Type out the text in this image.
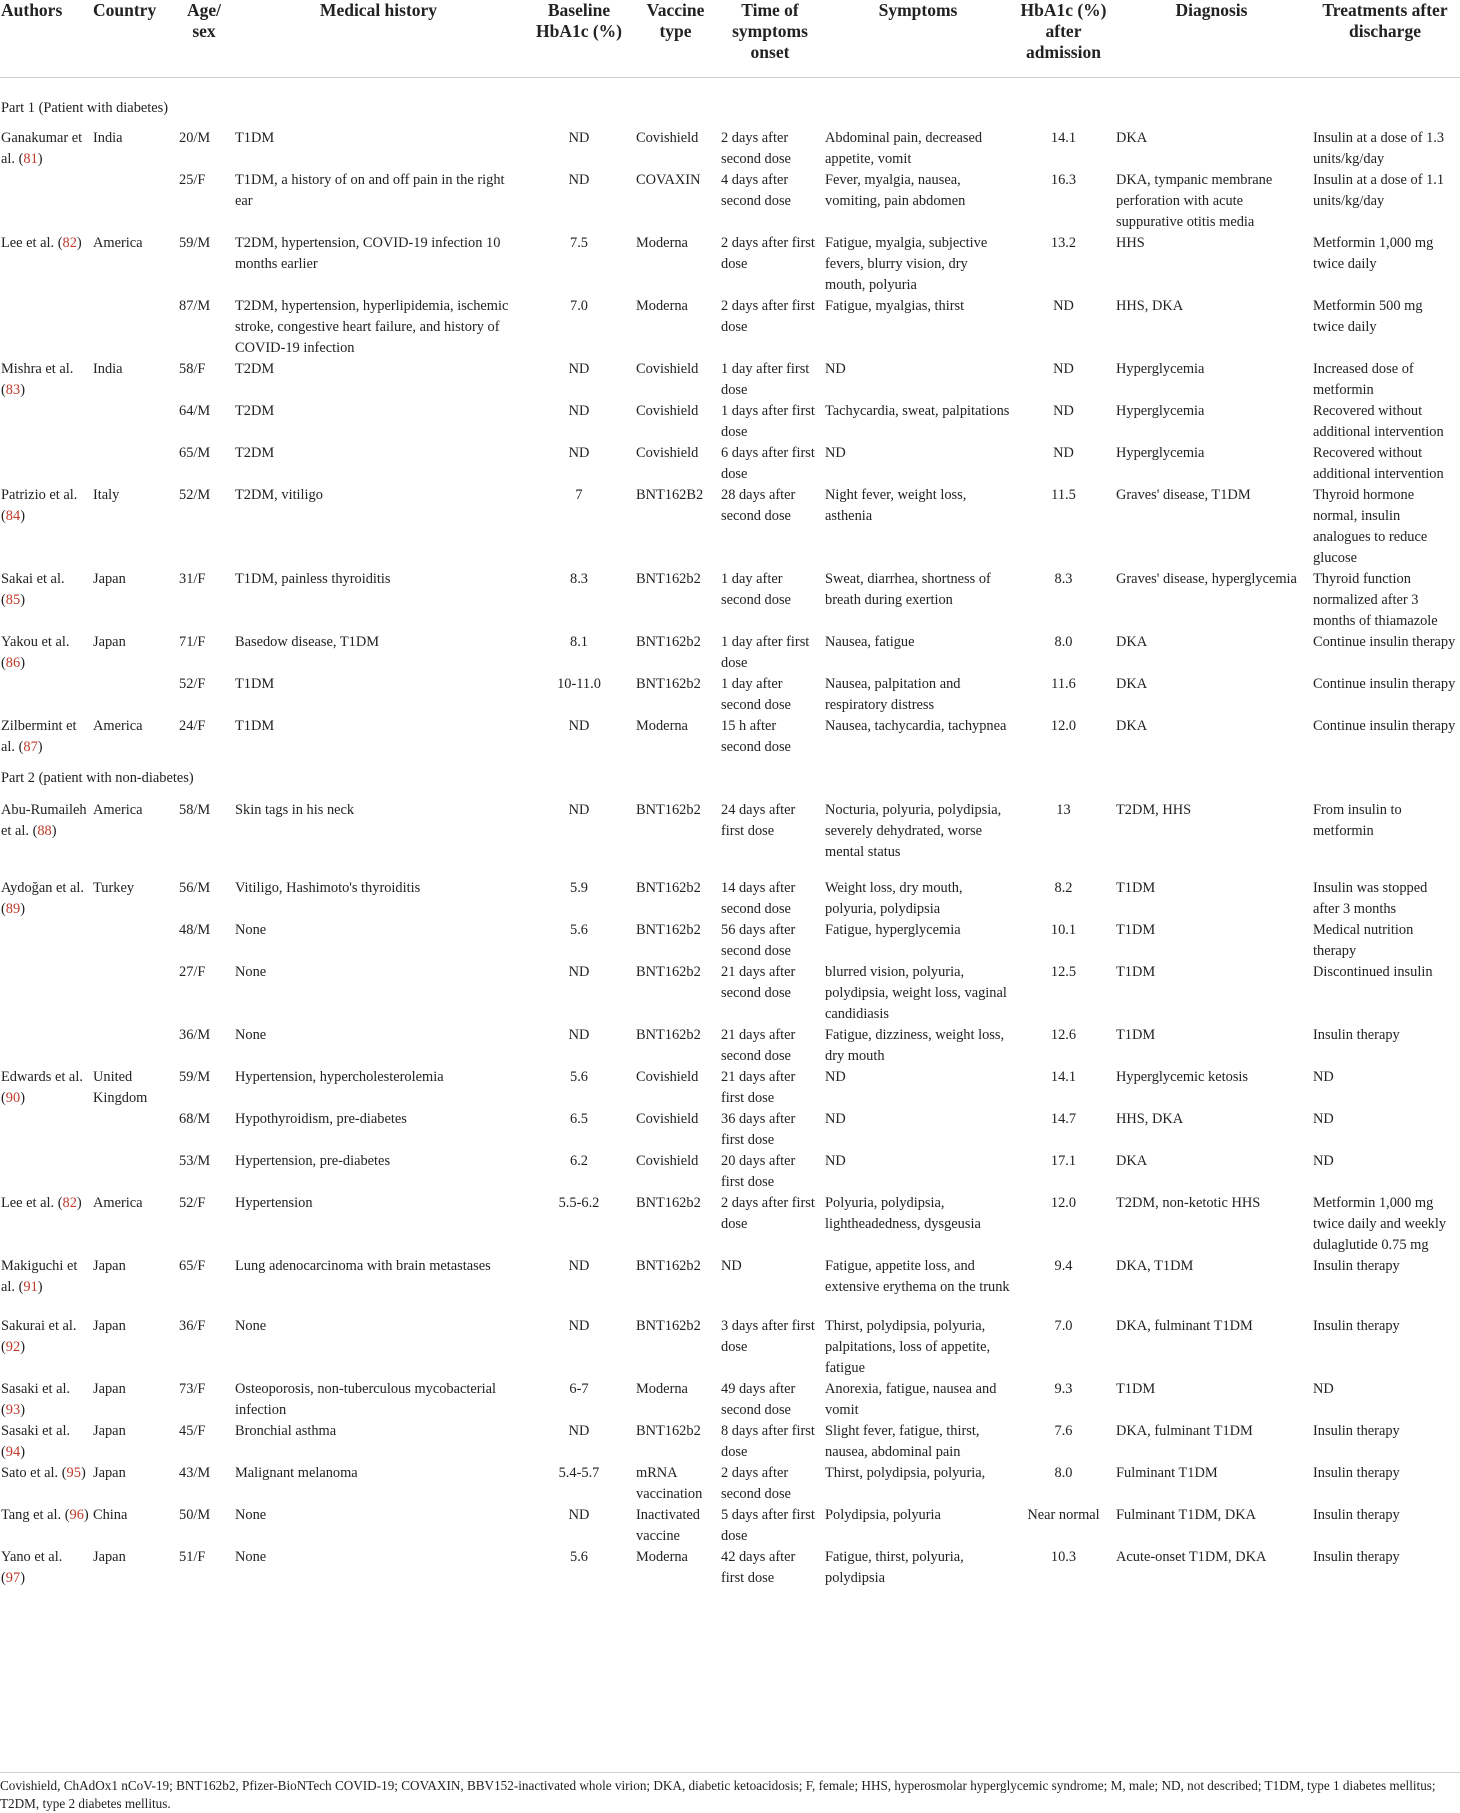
Authors	Country	Age/ sex	Medical history	Baseline HbA1c (%)	Vaccine type	Time of symptoms onset	Symptoms	HbA1c (%) after admission	Diagnosis	Treatments after discharge
Part 1 (Patient with diabetes)										
Ganakumar et al. (81)	India	20/M	T1DM	ND	Covishield	2 days after second dose	Abdominal pain, decreased appetite, vomit	14.1	DKA	Insulin at a dose of 1.3 units/kg/day
		25/F	T1DM, a history of on and off pain in the right ear	ND	COVAXIN	4 days after second dose	Fever, myalgia, nausea, vomiting, pain abdomen	16.3	DKA, tympanic membrane perforation with acute suppurative otitis media	Insulin at a dose of 1.1 units/kg/day
Lee et al. (82)	America	59/M	T2DM, hypertension, COVID-19 infection 10 months earlier	7.5	Moderna	2 days after first dose	Fatigue, myalgia, subjective fevers, blurry vision, dry mouth, polyuria	13.2	HHS	Metformin 1,000 mg twice daily
		87/M	T2DM, hypertension, hyperlipidemia, ischemic stroke, congestive heart failure, and history of COVID-19 infection	7.0	Moderna	2 days after first dose	Fatigue, myalgias, thirst	ND	HHS, DKA	Metformin 500 mg twice daily
Mishra et al. (83)	India	58/F	T2DM	ND	Covishield	1 day after first dose	ND	ND	Hyperglycemia	Increased dose of metformin
		64/M	T2DM	ND	Covishield	1 days after first dose	Tachycardia, sweat, palpitations	ND	Hyperglycemia	Recovered without additional intervention
		65/M	T2DM	ND	Covishield	6 days after first dose	ND	ND	Hyperglycemia	Recovered without additional intervention
Patrizio et al. (84)	Italy	52/M	T2DM, vitiligo	7	BNT162B2	28 days after second dose	Night fever, weight loss, asthenia	11.5	Graves' disease, T1DM	Thyroid hormone normal, insulin analogues to reduce glucose
Sakai et al. (85)	Japan	31/F	T1DM, painless thyroiditis	8.3	BNT162b2	1 day after second dose	Sweat, diarrhea, shortness of breath during exertion	8.3	Graves' disease, hyperglycemia	Thyroid function normalized after 3 months of thiamazole
Yakou et al. (86)	Japan	71/F	Basedow disease, T1DM	8.1	BNT162b2	1 day after first dose	Nausea, fatigue	8.0	DKA	Continue insulin therapy
		52/F	T1DM	10-11.0	BNT162b2	1 day after second dose	Nausea, palpitation and respiratory distress	11.6	DKA	Continue insulin therapy
Zilbermint et al. (87)	America	24/F	T1DM	ND	Moderna	15 h after second dose	Nausea, tachycardia, tachypnea	12.0	DKA	Continue insulin therapy
Part 2 (patient with non-diabetes)										
Abu-Rumaileh et al. (88)	America	58/M	Skin tags in his neck	ND	BNT162b2	24 days after first dose	Nocturia, polyuria, polydipsia, severely dehydrated, worse mental status	13	T2DM, HHS	From insulin to metformin
Aydoğan et al. (89)	Turkey	56/M	Vitiligo, Hashimoto's thyroiditis	5.9	BNT162b2	14 days after second dose	Weight loss, dry mouth, polyuria, polydipsia	8.2	T1DM	Insulin was stopped after 3 months
		48/M	None	5.6	BNT162b2	56 days after second dose	Fatigue, hyperglycemia	10.1	T1DM	Medical nutrition therapy
		27/F	None	ND	BNT162b2	21 days after second dose	blurred vision, polyuria, polydipsia, weight loss, vaginal candidiasis	12.5	T1DM	Discontinued insulin
		36/M	None	ND	BNT162b2	21 days after second dose	Fatigue, dizziness, weight loss, dry mouth	12.6	T1DM	Insulin therapy
Edwards et al. (90)	United Kingdom	59/M	Hypertension, hypercholesterolemia	5.6	Covishield	21 days after first dose	ND	14.1	Hyperglycemic ketosis	ND
		68/M	Hypothyroidism, pre-diabetes	6.5	Covishield	36 days after first dose	ND	14.7	HHS, DKA	ND
		53/M	Hypertension, pre-diabetes	6.2	Covishield	20 days after first dose	ND	17.1	DKA	ND
Lee et al. (82)	America	52/F	Hypertension	5.5-6.2	BNT162b2	2 days after first dose	Polyuria, polydipsia, lightheadedness, dysgeusia	12.0	T2DM, non-ketotic HHS	Metformin 1,000 mg twice daily and weekly dulaglutide 0.75 mg
Makiguchi et al. (91)	Japan	65/F	Lung adenocarcinoma with brain metastases	ND	BNT162b2	ND	Fatigue, appetite loss, and extensive erythema on the trunk	9.4	DKA, T1DM	Insulin therapy
Sakurai et al. (92)	Japan	36/F	None	ND	BNT162b2	3 days after first dose	Thirst, polydipsia, polyuria, palpitations, loss of appetite, fatigue	7.0	DKA, fulminant T1DM	Insulin therapy
Sasaki et al. (93)	Japan	73/F	Osteoporosis, non-tuberculous mycobacterial infection	6-7	Moderna	49 days after second dose	Anorexia, fatigue, nausea and vomit	9.3	T1DM	ND
Sasaki et al. (94)	Japan	45/F	Bronchial asthma	ND	BNT162b2	8 days after first dose	Slight fever, fatigue, thirst, nausea, abdominal pain	7.6	DKA, fulminant T1DM	Insulin therapy
Sato et al. (95)	Japan	43/M	Malignant melanoma	5.4-5.7	mRNA vaccination	2 days after second dose	Thirst, polydipsia, polyuria,	8.0	Fulminant T1DM	Insulin therapy
Tang et al. (96)	China	50/M	None	ND	Inactivated vaccine	5 days after first dose	Polydipsia, polyuria	Near normal	Fulminant T1DM, DKA	Insulin therapy
Yano et al. (97)	Japan	51/F	None	5.6	Moderna	42 days after first dose	Fatigue, thirst, polyuria, polydipsia	10.3	Acute-onset T1DM, DKA	Insulin therapy
Covishield, ChAdOx1 nCoV-19; BNT162b2, Pfizer-BioNTech COVID-19; COVAXIN, BBV152-inactivated whole virion; DKA, diabetic ketoacidosis; F, female; HHS, hyperosmolar hyperglycemic syndrome; M, male; ND, not described; T1DM, type 1 diabetes mellitus; T2DM, type 2 diabetes mellitus.
